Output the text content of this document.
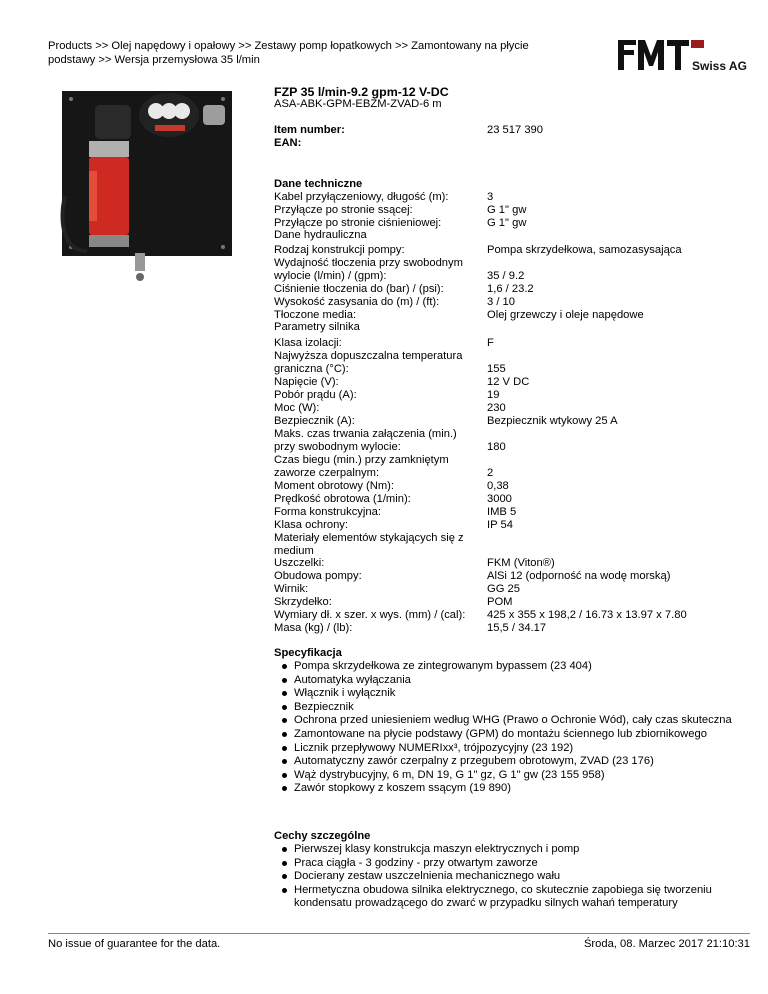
Products >> Olej napędowy i opałowy >> Zestawy pomp łopatkowych >> Zamontowany na płycie podstawy >> Wersja przemysłowa 35 l/min	Swiss AG
FZP 35 l/min-9.2 gpm-12 V-DC
ASA-ABK-GPM-EBZM-ZVAD-6 m
Item number:	23 517 390
EAN:
Dane techniczne
Kabel przyłączeniowy, długość (m):	3
Przyłącze po stronie ssącej:	G 1" gw
Przyłącze po stronie ciśnieniowej:	G 1" gw
Dane hydrauliczna
Rodzaj konstrukcji pompy:	Pompa skrzydełkowa, samozasysająca
Wydajność tłoczenia przy swobodnym wylocie (l/min) / (gpm):	35 / 9.2
Ciśnienie tłoczenia do (bar) / (psi):	1,6 / 23.2
Wysokość zasysania do (m) / (ft):	3 / 10
Tłoczone media:	Olej grzewczy i oleje napędowe
Parametry silnika
Klasa izolacji:	F
Najwyższa dopuszczalna temperatura graniczna (°C):	155
Napięcie (V):	12 V DC
Pobór prądu (A):	19
Moc (W):	230
Bezpiecznik (A):	Bezpiecznik wtykowy 25 A
Maks. czas trwania załączenia (min.) przy swobodnym wylocie:	180
Czas biegu (min.) przy zamkniętym zaworze czerpalnym:	2
Moment obrotowy (Nm):	0,38
Prędkość obrotowa (1/min):	3000
Forma konstrukcyjna:	IMB 5
Klasa ochrony:	IP 54
Materiały elementów stykających się z medium
Uszczelki:	FKM (Viton®)
Obudowa pompy:	AlSi 12 (odporność na wodę morską)
Wirnik:	GG 25
Skrzydełko:	POM
Wymiary dł. x szer. x wys. (mm) / (cal):	425 x 355 x 198,2 / 16.73 x 13.97 x 7.80
Masa (kg) / (lb):	15,5 / 34.17
Specyfikacja
Pompa skrzydełkowa ze zintegrowanym bypassem (23 404)
Automatyka wyłączania
Włącznik i wyłącznik
Bezpiecznik
Ochrona przed uniesieniem według WHG (Prawo o Ochronie Wód), cały czas skuteczna
Zamontowane na płycie podstawy (GPM) do montażu ściennego lub zbiornikowego
Licznik przepływowy NUMERIxx³, trójpozycyjny (23 192)
Automatyczny zawór czerpalny z przegubem obrotowym, ZVAD (23 176)
Wąż dystrybucyjny, 6 m, DN 19, G 1" gz, G 1" gw (23 155 958)
Zawór stopkowy z koszem ssącym (19 890)
Cechy szczególne
Pierwszej klasy konstrukcja maszyn elektrycznych i pomp
Praca ciągła - 3 godziny - przy otwartym zaworze
Docierany zestaw uszczelnienia mechanicznego wału
Hermetyczna obudowa silnika elektrycznego, co skutecznie zapobiega się tworzeniu kondensatu prowadzącego do zwarć w przypadku silnych wahań temperatury
No issue of guarantee for the data.	Środa, 08. Marzec 2017 21:10:31
